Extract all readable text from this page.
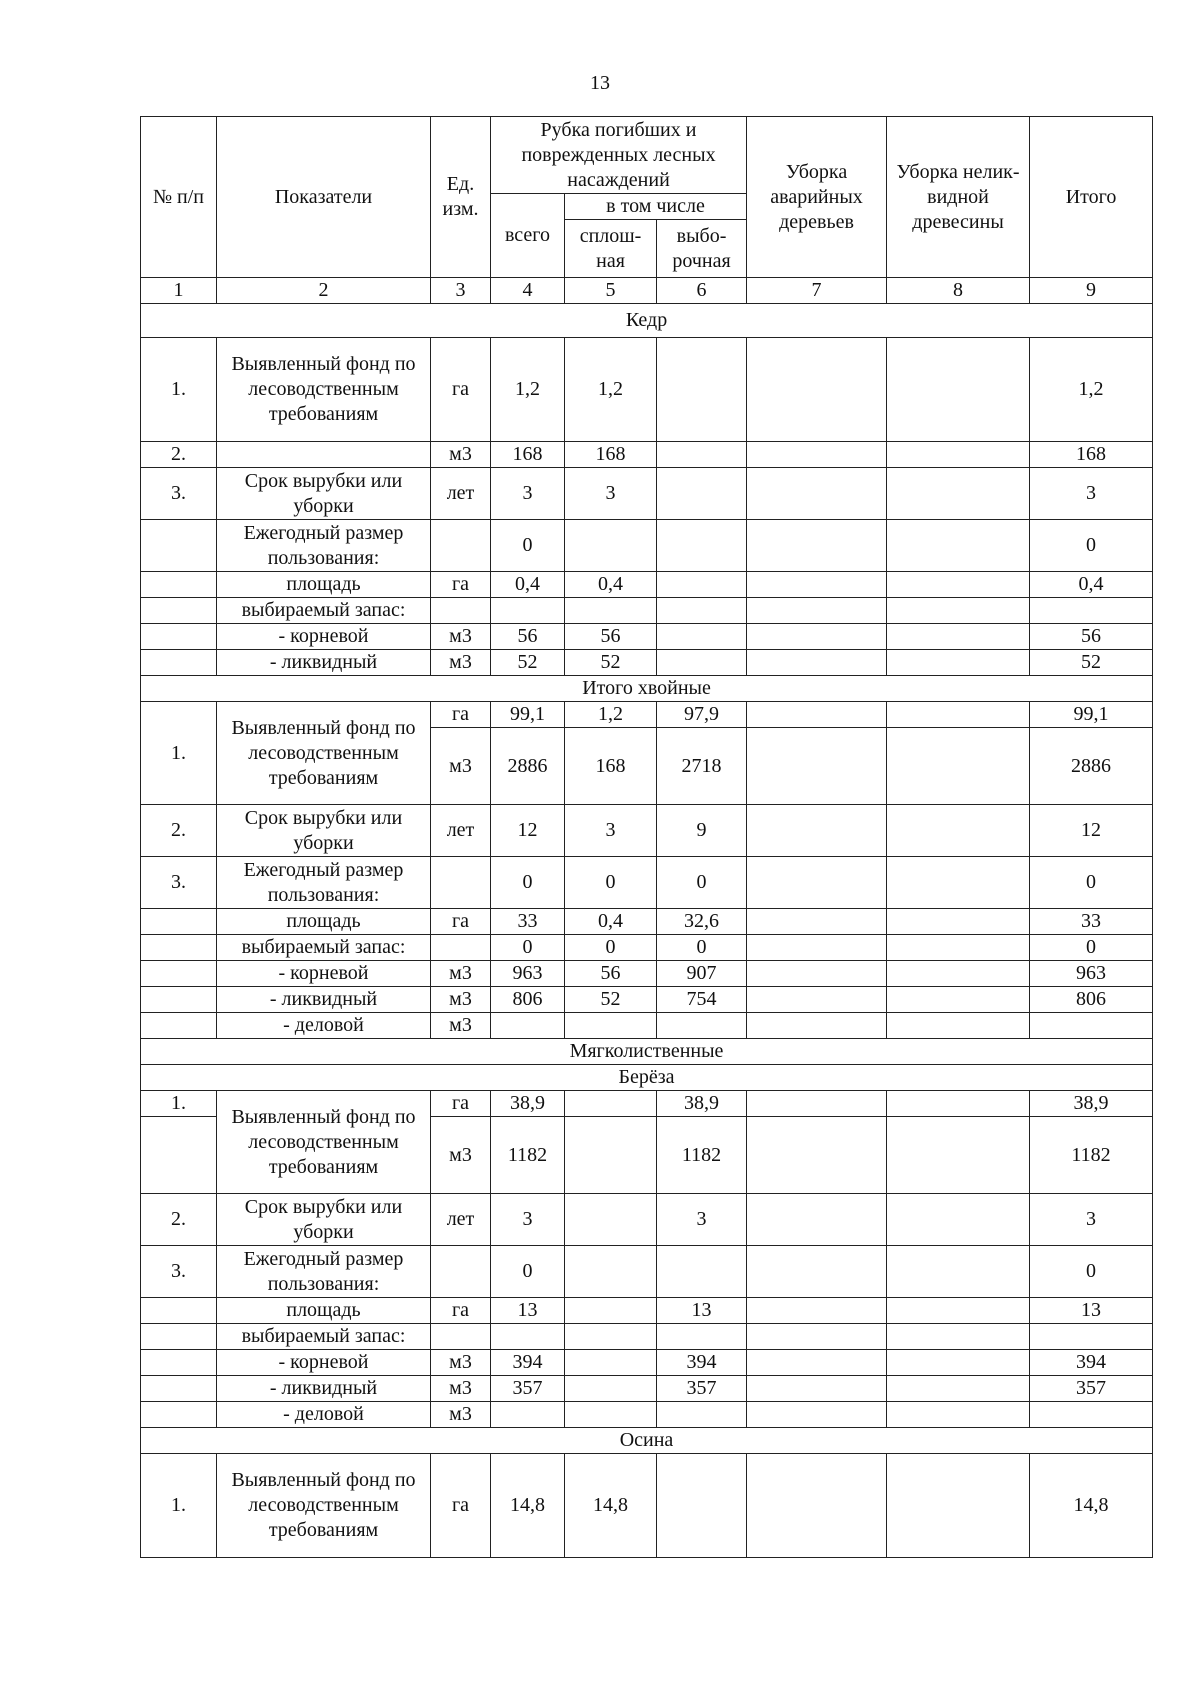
13
№ п/п	Показатели	Ед. изм.	Рубка погибших и поврежденных лесных насаждений			Уборка аварийных деревьев	Уборка нелик-видной древесины	Итого
			всего	в том числе				
				сплош-ная	выбо-рочная			
1	2	3	4	5	6	7	8	9
Кедр								
1.	Выявленный фонд по лесоводственным требованиям	га	1,2	1,2				1,2
2.		м3	168	168				168
3.	Срок вырубки или уборки	лет	3	3				3
	Ежегодный размер пользования:		0					0
	площадь	га	0,4	0,4				0,4
	выбираемый запас:							
	- корневой	м3	56	56				56
	- ликвидный	м3	52	52				52
Итого хвойные								
1.	Выявленный фонд по лесоводственным требованиям	га	99,1	1,2	97,9			99,1
		м3	2886	168	2718			2886
2.	Срок вырубки или уборки	лет	12	3	9			12
3.	Ежегодный размер пользования:		0	0	0			0
	площадь	га	33	0,4	32,6			33
	выбираемый запас:		0	0	0			0
	- корневой	м3	963	56	907			963
	- ликвидный	м3	806	52	754			806
	- деловой	м3						
Мягколиственные								
Берёза								
1.	Выявленный фонд по лесоводственным требованиям	га	38,9		38,9			38,9
		м3	1182		1182			1182
2.	Срок вырубки или уборки	лет	3		3			3
3.	Ежегодный размер пользования:		0					0
	площадь	га	13		13			13
	выбираемый запас:							
	- корневой	м3	394		394			394
	- ликвидный	м3	357		357			357
	- деловой	м3						
Осина								
1.	Выявленный фонд по лесоводственным требованиям	га	14,8	14,8				14,8
